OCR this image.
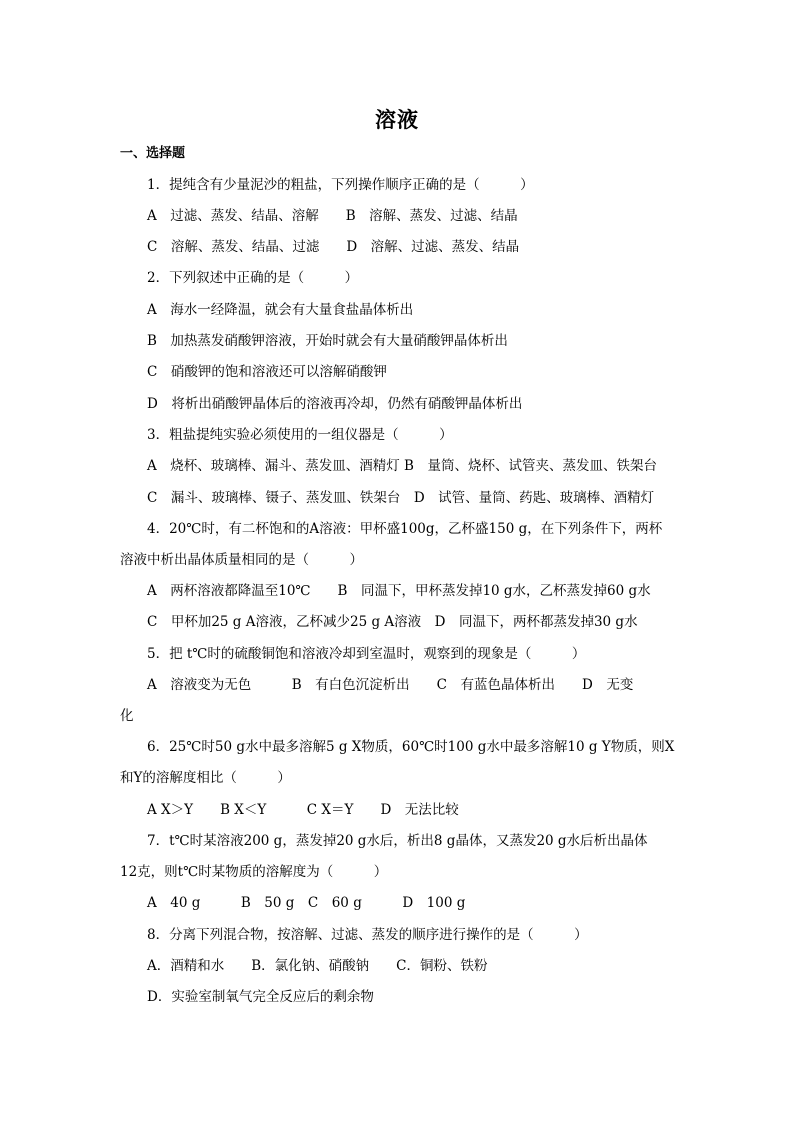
溶液
一、选择题
1．提纯含有少量泥沙的粗盐，下列操作顺序正确的是（　　　）
A　过滤、蒸发、结晶、溶解　　B　溶解、蒸发、过滤、结晶
C　溶解、蒸发、结晶、过滤　　D　溶解、过滤、蒸发、结晶
2．下列叙述中正确的是（　　　）
A　海水一经降温，就会有大量食盐晶体析出
B　加热蒸发硝酸钾溶液，开始时就会有大量硝酸钾晶体析出
C　硝酸钾的饱和溶液还可以溶解硝酸钾
D　将析出硝酸钾晶体后的溶液再冷却，仍然有硝酸钾晶体析出
3．粗盐提纯实验必须使用的一组仪器是（　　　）
A　烧杯、玻璃棒、漏斗、蒸发皿、酒精灯 B　量筒、烧杯、试管夹、蒸发皿、铁架台
C　漏斗、玻璃棒、镊子、蒸发皿、铁架台　D　试管、量筒、药匙、玻璃棒、酒精灯
4．20℃时，有二杯饱和的A溶液：甲杯盛100g，乙杯盛150 g，在下列条件下，两杯
溶液中析出晶体质量相同的是（　　　）
A　两杯溶液都降温至10℃　　B　同温下，甲杯蒸发掉10 g水，乙杯蒸发掉60 g水
C　甲杯加25 g A溶液，乙杯减少25 g A溶液　D　同温下，两杯都蒸发掉30 g水
5．把 t℃时的硫酸铜饱和溶液冷却到室温时，观察到的现象是（　　　）
A　溶液变为无色　　　B　有白色沉淀析出　　C　有蓝色晶体析出　　D　无变
化
6．25℃时50 g水中最多溶解5 g X物质，60℃时100 g水中最多溶解10 g Y物质，则X
和Y的溶解度相比（　　　）
A X＞Y　　B X＜Y　　　C X＝Y　　D　无法比较
7．t℃时某溶液200 g，蒸发掉20 g水后，析出8 g晶体，又蒸发20 g水后析出晶体
12克，则t℃时某物质的溶解度为（　　　）
A　40 g　　　B　50 g　C　60 g　　　D　100 g
8．分离下列混合物，按溶解、过滤、蒸发的顺序进行操作的是（　　　）
A．酒精和水　　B．氯化钠、硝酸钠　　C．铜粉、铁粉
D．实验室制氧气完全反应后的剩余物
